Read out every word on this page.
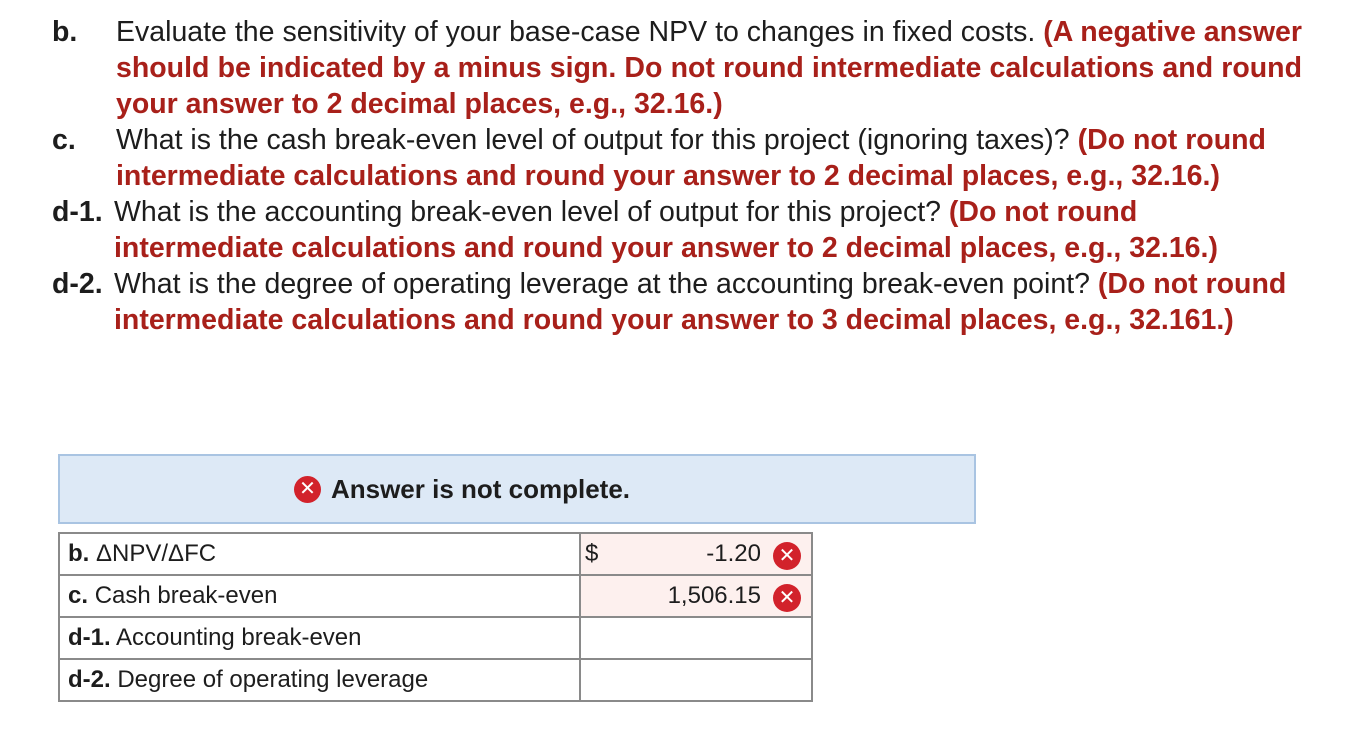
b.	Evaluate the sensitivity of your base-case NPV to changes in fixed costs. (A negative answer should be indicated by a minus sign. Do not round intermediate calculations and round your answer to 2 decimal places, e.g., 32.16.)
c.	What is the cash break-even level of output for this project (ignoring taxes)? (Do not round intermediate calculations and round your answer to 2 decimal places, e.g., 32.16.)
d-1. What is the accounting break-even level of output for this project? (Do not round intermediate calculations and round your answer to 2 decimal places, e.g., 32.16.)
d-2. What is the degree of operating leverage at the accounting break-even point? (Do not round intermediate calculations and round your answer to 3 decimal places, e.g., 32.161.)
✕ Answer is not complete.
b. ΔNPV/ΔFC	$ -1.20 ✕

c. Cash break-even	1,506.15 ✕

d-1. Accounting break-even	

d-2. Degree of operating leverage	
